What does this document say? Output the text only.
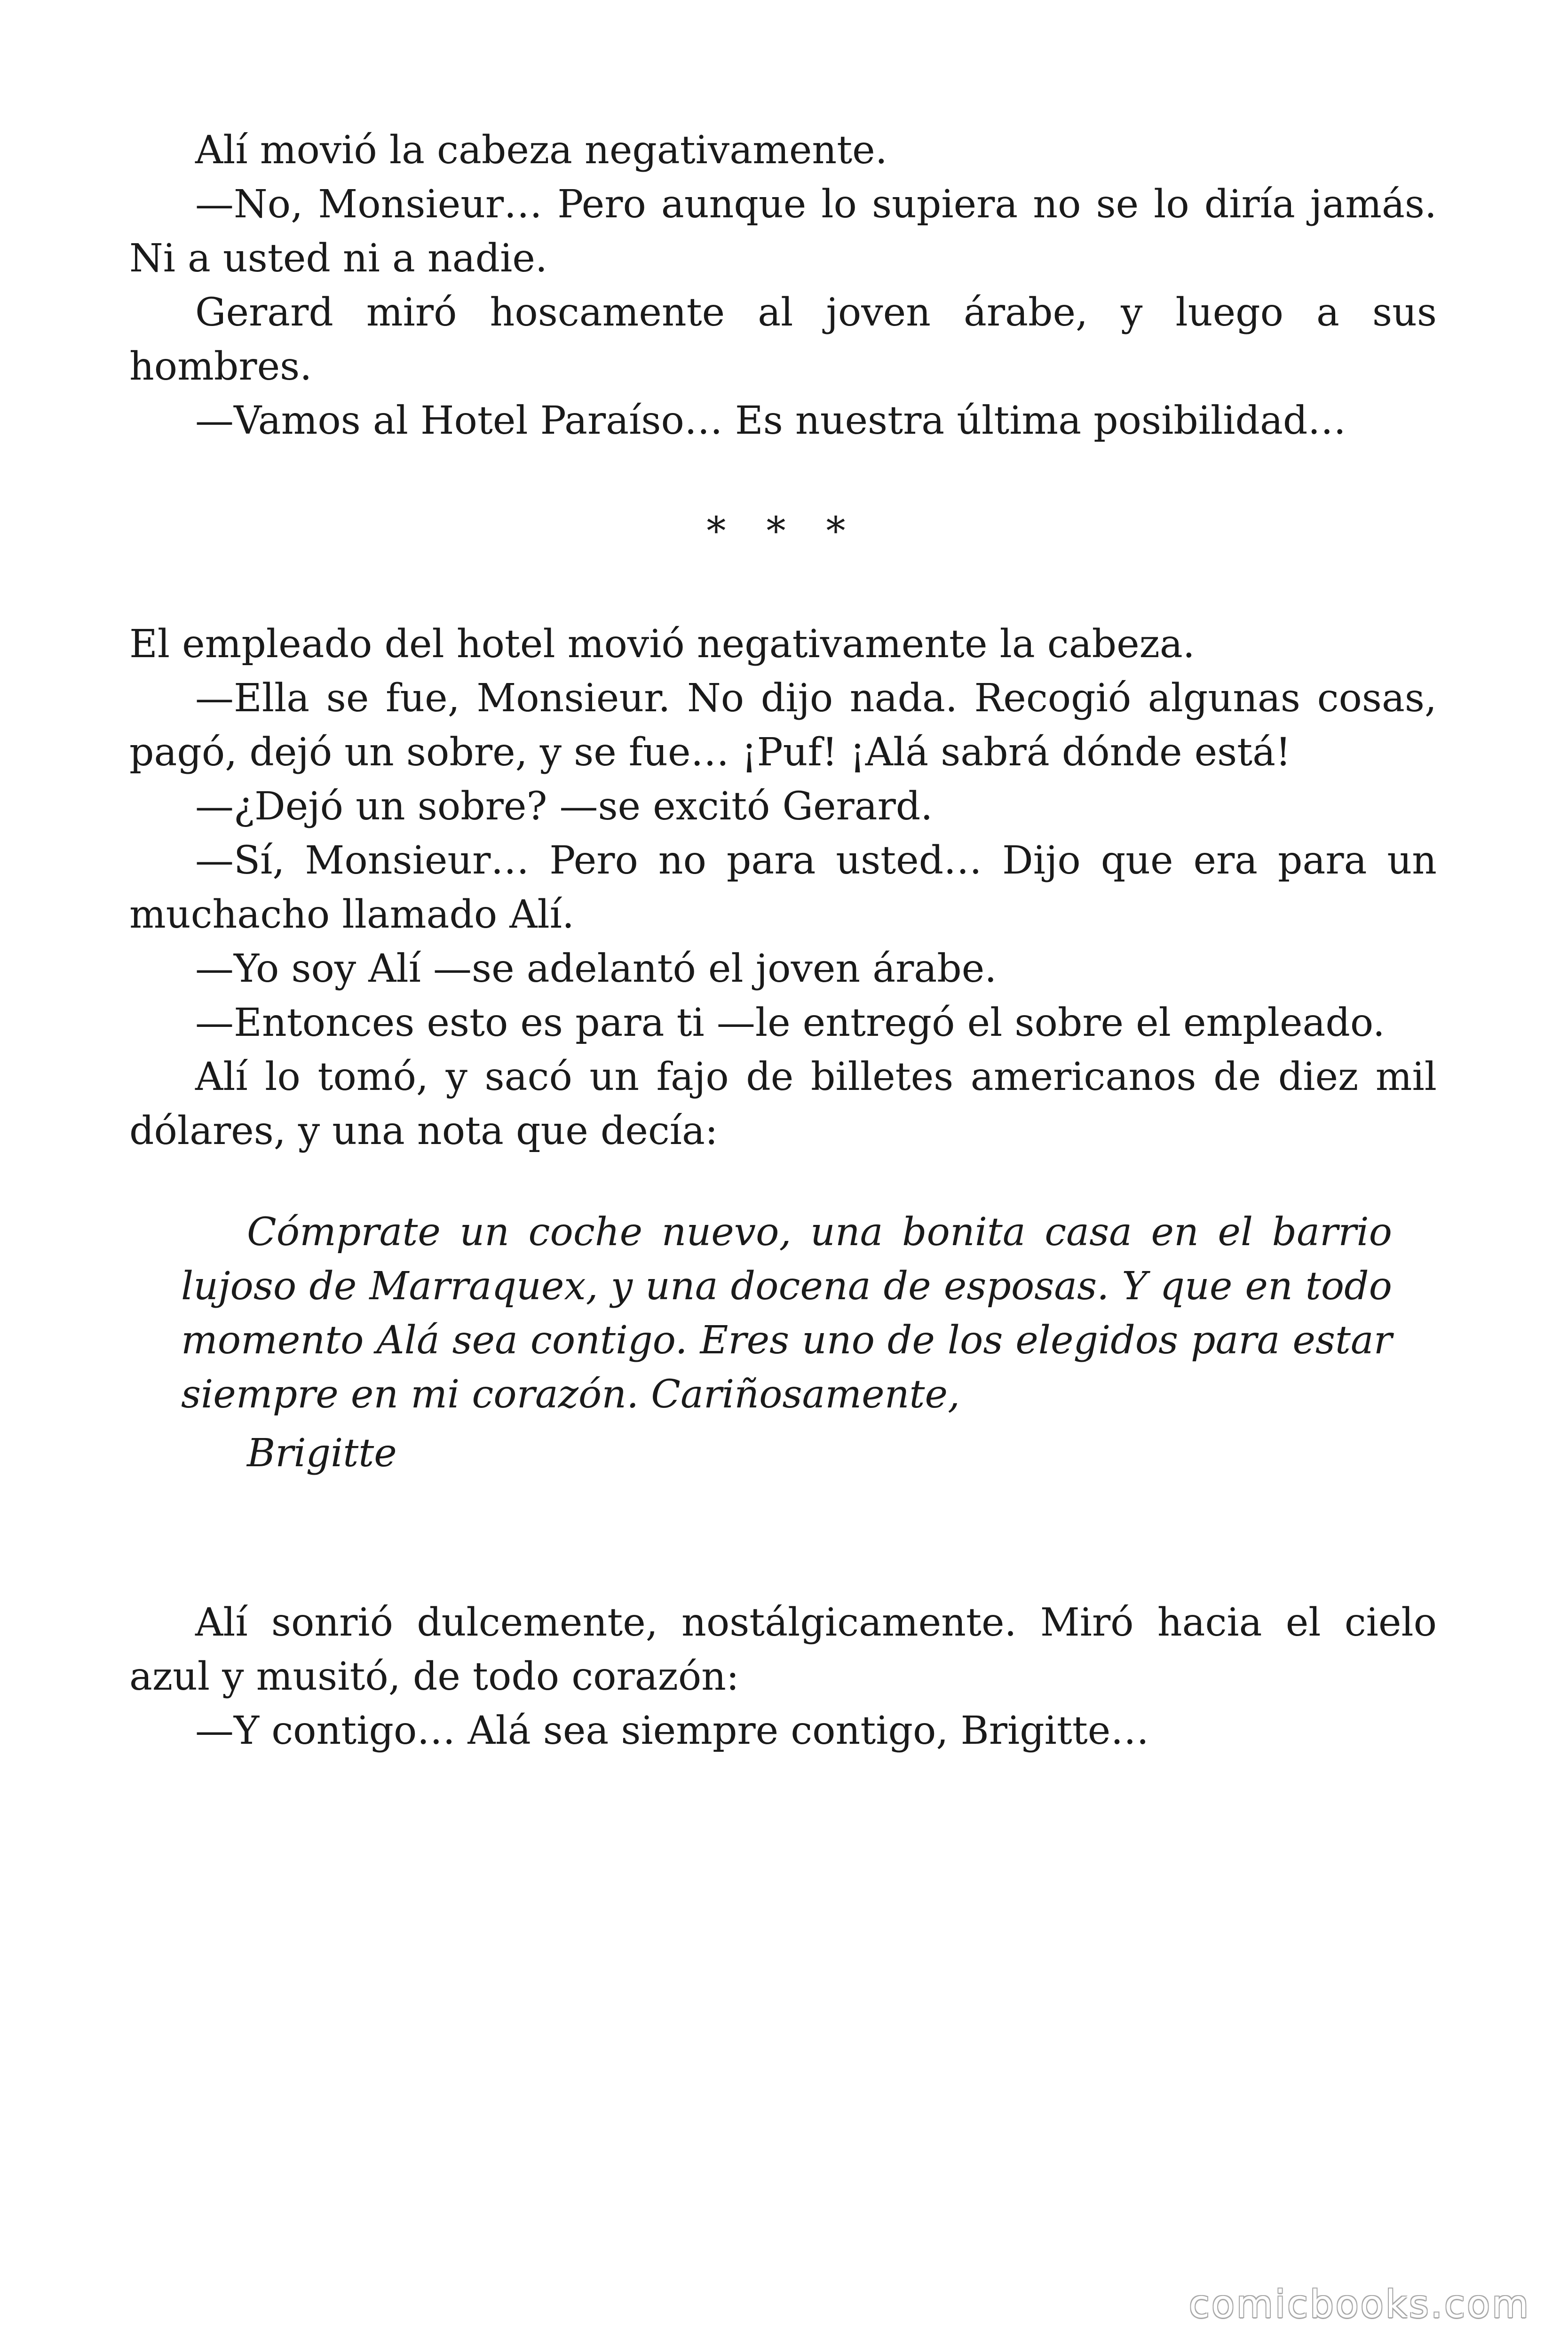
Alí movió la cabeza negativamente.

—No, Monsieur… Pero aunque lo supiera no se lo diría jamás. Ni a usted ni a nadie.

Gerard miró hoscamente al joven árabe, y luego a sus hombres.

—Vamos al Hotel Paraíso… Es nuestra última posibilidad…

* * *

El empleado del hotel movió negativamente la cabeza.

—Ella se fue, Monsieur. No dijo nada. Recogió algunas cosas, pagó, dejó un sobre, y se fue… ¡Puf! ¡Alá sabrá dónde está!

—¿Dejó un sobre? —se excitó Gerard.

—Sí, Monsieur… Pero no para usted… Dijo que era para un muchacho llamado Alí.

—Yo soy Alí —se adelantó el joven árabe.

—Entonces esto es para ti —le entregó el sobre el empleado.

Alí lo tomó, y sacó un fajo de billetes americanos de diez mil dólares, y una nota que decía:

Cómprate un coche nuevo, una bonita casa en el barrio lujoso de Marraquex, y una docena de esposas. Y que en todo momento Alá sea contigo. Eres uno de los elegidos para estar siempre en mi corazón. Cariñosamente,

Brigitte

Alí sonrió dulcemente, nostálgicamente. Miró hacia el cielo azul y musitó, de todo corazón:

—Y contigo… Alá sea siempre contigo, Brigitte…

comicbooks.com
